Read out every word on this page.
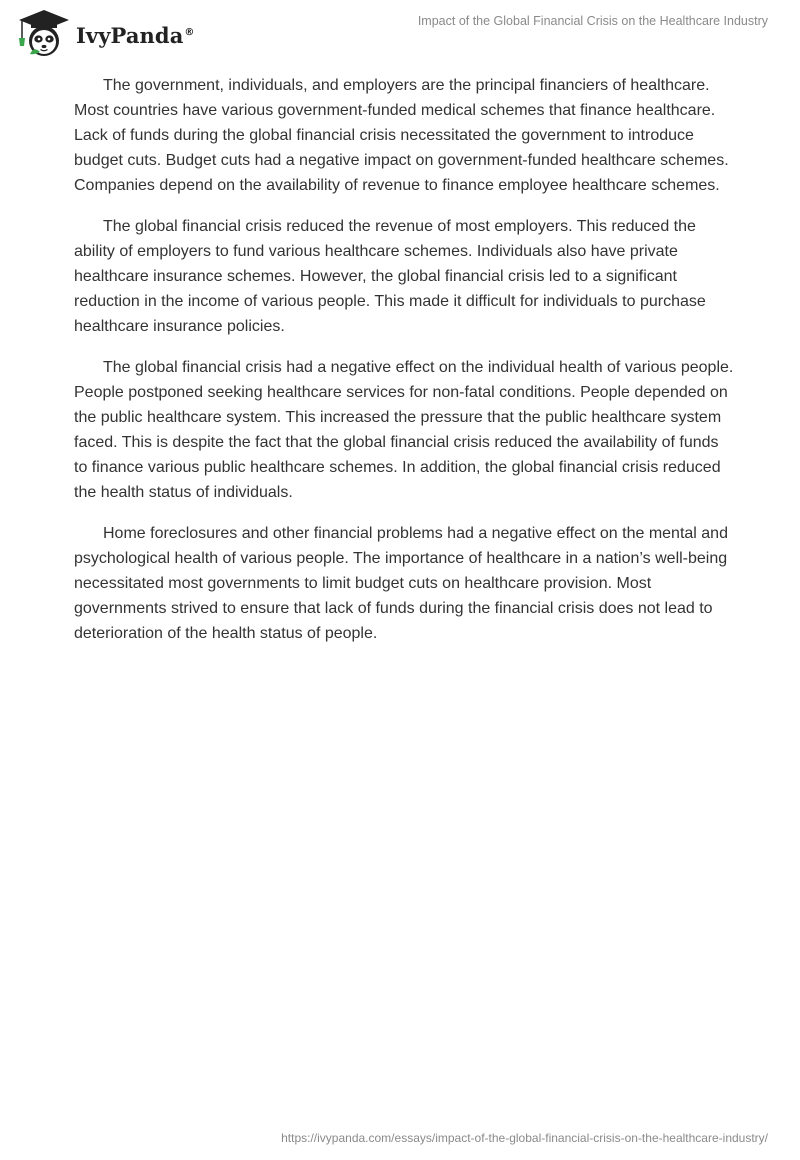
IvyPanda®
Impact of the Global Financial Crisis on the Healthcare Industry

The government, individuals, and employers are the principal financiers of healthcare. Most countries have various government-funded medical schemes that finance healthcare. Lack of funds during the global financial crisis necessitated the government to introduce budget cuts. Budget cuts had a negative impact on government-funded healthcare schemes. Companies depend on the availability of revenue to finance employee healthcare schemes.

The global financial crisis reduced the revenue of most employers. This reduced the ability of employers to fund various healthcare schemes. Individuals also have private healthcare insurance schemes. However, the global financial crisis led to a significant reduction in the income of various people. This made it difficult for individuals to purchase healthcare insurance policies.

The global financial crisis had a negative effect on the individual health of various people. People postponed seeking healthcare services for non-fatal conditions. People depended on the public healthcare system. This increased the pressure that the public healthcare system faced. This is despite the fact that the global financial crisis reduced the availability of funds to finance various public healthcare schemes. In addition, the global financial crisis reduced the health status of individuals.

Home foreclosures and other financial problems had a negative effect on the mental and psychological health of various people. The importance of healthcare in a nation’s well-being necessitated most governments to limit budget cuts on healthcare provision. Most governments strived to ensure that lack of funds during the financial crisis does not lead to deterioration of the health status of people.

https://ivypanda.com/essays/impact-of-the-global-financial-crisis-on-the-healthcare-industry/
